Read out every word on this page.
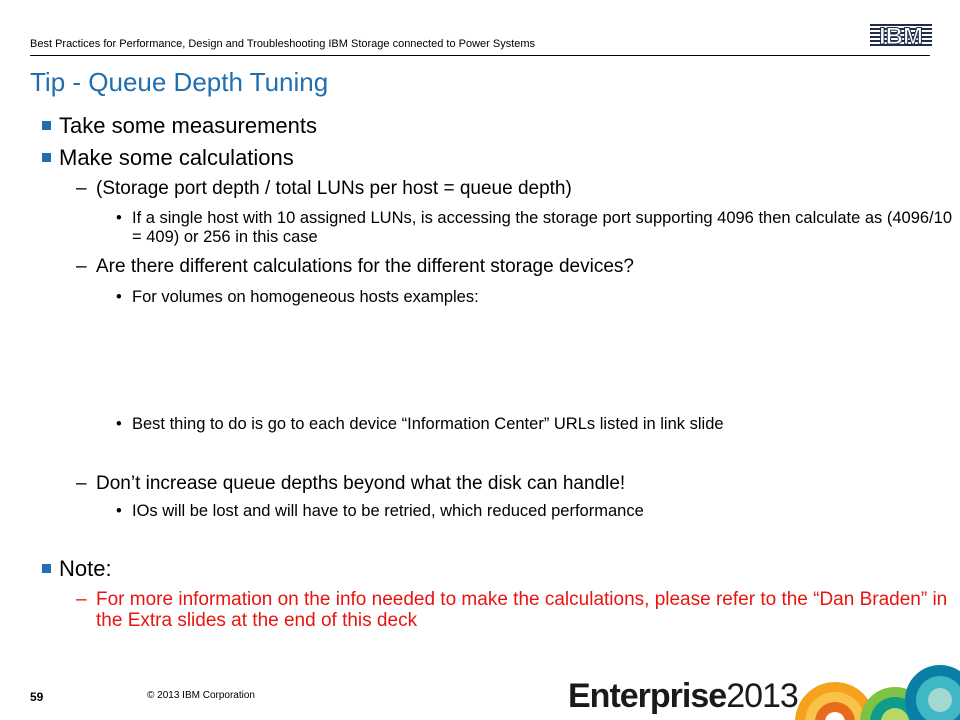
Best Practices for Performance, Design and Troubleshooting IBM Storage connected to Power Systems	IBM
Tip - Queue Depth Tuning
Take some measurements
Make some calculations
– (Storage port depth / total LUNs per host = queue depth)
• If a single host with 10 assigned LUNs, is accessing the storage port supporting 4096 then calculate as (4096/10 = 409) or 256 in this case
– Are there different calculations for the different storage devices?
• For volumes on homogeneous hosts examples:
• Best thing to do is go to each device “Information Center” URLs listed in link slide
– Don’t increase queue depths beyond what the disk can handle!
• IOs will be lost and will have to be retried, which reduced performance
Note:
– For more information on the info needed to make the calculations, please refer to the “Dan Braden” in the Extra slides at the end of this deck
59	© 2013 IBM Corporation	Enterprise2013
